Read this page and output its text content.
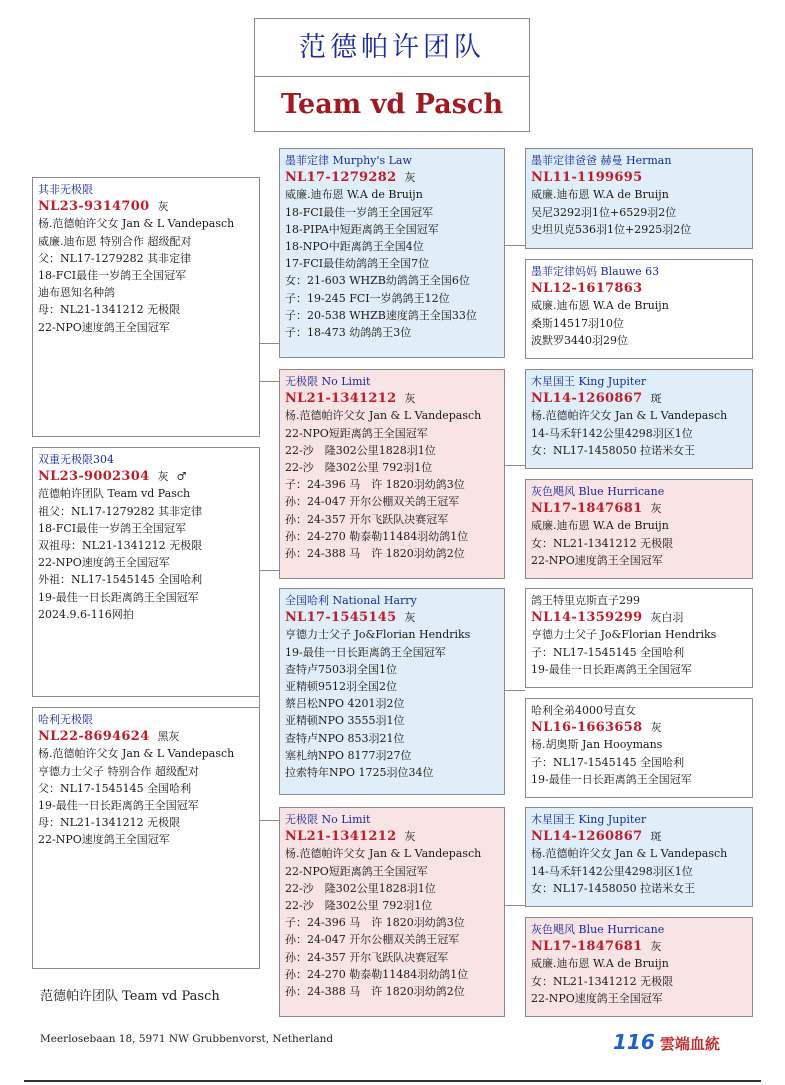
范德帕许团队
Team vd Pasch
其非无极限
NL23-9314700 灰
杨.范德帕许父女 Jan & L Vandepasch
威廉.迪布恩 特别合作 超级配对
父：NL17-1279282 其非定律
18-FCI最佳一岁鸽王全国冠军
迪布恩知名种鸽
母：NL21-1341212 无极限
22-NPO速度鸽王全国冠军
双重无极限304
NL23-9002304 灰 ♂
范德帕许团队 Team vd Pasch
祖父：NL17-1279282 其非定律
18-FCI最佳一岁鸽王全国冠军
双祖母：NL21-1341212 无极限
22-NPO速度鸽王全国冠军
外祖：NL17-1545145 全国哈利
19-最佳一日长距离鸽王全国冠军
2024.9.6-116网拍
哈利无极限
NL22-8694624 黑灰
杨.范德帕许父女 Jan & L Vandepasch
亨德力士父子 特别合作 超级配对
父：NL17-1545145 全国哈利
19-最佳一日长距离鸽王全国冠军
母：NL21-1341212 无极限
22-NPO速度鸽王全国冠军
墨菲定律 Murphy's Law
NL17-1279282 灰
威廉.迪布恩 W.A de Bruijn
18-FCI最佳一岁鸽王全国冠军
18-PIPA中短距离鸽王全国冠军
18-NPO中距离鸽王全国4位
17-FCI最佳幼鸽鸽王全国7位
女：21-603 WHZB幼鸽鸽王全国6位
子：19-245 FCI一岁鸽鸽王12位
子：20-538 WHZB速度鸽王全国33位
子：18-473 幼鸽鸽王3位
无极限 No Limit
NL21-1341212 灰
杨.范德帕许父女 Jan & L Vandepasch
22-NPO短距离鸽王全国冠军
22-沙　隆302公里1828羽1位
22-沙　隆302公里 792羽1位
子：24-396 马　许 1820羽幼鸽3位
孙：24-047 开尔公棚双关鸽王冠军
孙：24-357 开尔飞跃队决赛冠军
孙：24-270 勒泰勒11484羽幼鸽1位
孙：24-388 马　许 1820羽幼鸽2位
全国哈利 National Harry
NL17-1545145 灰
亨德力士父子 Jo&Florian Hendriks
19-最佳一日长距离鸽王全国冠军
查特卢7503羽全国1位
亚精顿9512羽全国2位
蔡吕松NPO 4201羽2位
亚精顿NPO 3555羽1位
查特卢NPO 853羽21位
塞札纳NPO 8177羽27位
拉索特年NPO 1725羽位34位
无极限 No Limit
NL21-1341212 灰
杨.范德帕许父女 Jan & L Vandepasch
22-NPO短距离鸽王全国冠军
22-沙　隆302公里1828羽1位
22-沙　隆302公里 792羽1位
子：24-396 马　许 1820羽幼鸽3位
孙：24-047 开尔公棚双关鸽王冠军
孙：24-357 开尔飞跃队决赛冠军
孙：24-270 勒泰勒11484羽幼鸽1位
孙：24-388 马　许 1820羽幼鸽2位
墨菲定律爸爸 赫曼 Herman
NL11-1199695
威廉.迪布恩 W.A de Bruijn
吴尼3292羽1位+6529羽2位
史坦贝克536羽1位+2925羽2位
墨菲定律妈妈 Blauwe 63
NL12-1617863
威廉.迪布恩 W.A de Bruijn
桑斯14517羽10位
波默罗3440羽29位
木星国王 King Jupiter
NL14-1260867 斑
杨.范德帕许父女 Jan & L Vandepasch
14-马禾轩142公里4298羽区1位
女：NL17-1458050 拉诺米女王
灰色飓风 Blue Hurricane
NL17-1847681 灰
威廉.迪布恩 W.A de Bruijn
女：NL21-1341212 无极限
22-NPO速度鸽王全国冠军
鸽王特里克斯直子299
NL14-1359299 灰白羽
亨德力士父子 Jo&Florian Hendriks
子：NL17-1545145 全国哈利
19-最佳一日长距离鸽王全国冠军
哈利全弟4000号直女
NL16-1663658 灰
杨.胡奥斯 Jan Hooymans
子：NL17-1545145 全国哈利
19-最佳一日长距离鸽王全国冠军
木星国王 King Jupiter
NL14-1260867 斑
杨.范德帕许父女 Jan & L Vandepasch
14-马禾轩142公里4298羽区1位
女：NL17-1458050 拉诺米女王
灰色飓风 Blue Hurricane
NL17-1847681 灰
威廉.迪布恩 W.A de Bruijn
女：NL21-1341212 无极限
22-NPO速度鸽王全国冠军
范德帕许团队 Team vd Pasch
Meerlosebaan 18, 5971 NW Grubbenvorst, Netherland	116 雲端血統
